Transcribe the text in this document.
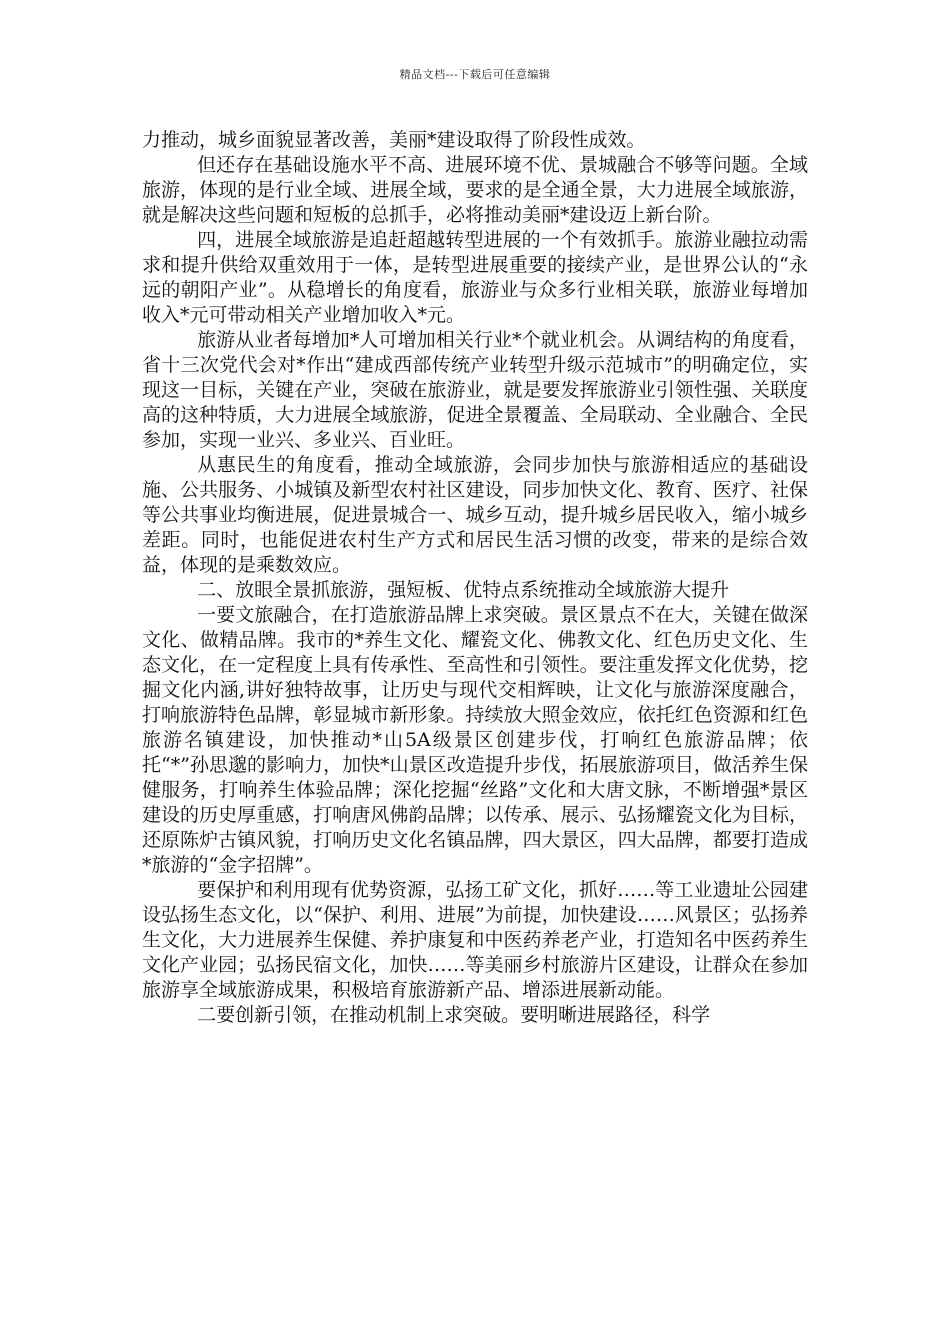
精品文档---下载后可任意编辑

力推动，城乡面貌显著改善，美丽*建设取得了阶段性成效。

但还存在基础设施水平不高、进展环境不优、景城融合不够等问题。全域旅游，体现的是行业全域、进展全域，要求的是全通全景，大力进展全域旅游，就是解决这些问题和短板的总抓手，必将推动美丽*建设迈上新台阶。

四，进展全域旅游是追赶超越转型进展的一个有效抓手。旅游业融拉动需求和提升供给双重效用于一体，是转型进展重要的接续产业，是世界公认的“永远的朝阳产业”。从稳增长的角度看，旅游业与众多行业相关联，旅游业每增加收入*元可带动相关产业增加收入*元。

旅游从业者每增加*人可增加相关行业*个就业机会。从调结构的角度看，省十三次党代会对*作出“建成西部传统产业转型升级示范城市”的明确定位，实现这一目标，关键在产业，突破在旅游业，就是要发挥旅游业引领性强、关联度高的这种特质，大力进展全域旅游，促进全景覆盖、全局联动、全业融合、全民参加，实现一业兴、多业兴、百业旺。

从惠民生的角度看，推动全域旅游，会同步加快与旅游相适应的基础设施、公共服务、小城镇及新型农村社区建设，同步加快文化、教育、医疗、社保等公共事业均衡进展，促进景城合一、城乡互动，提升城乡居民收入，缩小城乡差距。同时，也能促进农村生产方式和居民生活习惯的改变，带来的是综合效益，体现的是乘数效应。

二、放眼全景抓旅游，强短板、优特点系统推动全域旅游大提升

一要文旅融合，在打造旅游品牌上求突破。景区景点不在大，关键在做深文化、做精品牌。我市的*养生文化、耀瓷文化、佛教文化、红色历史文化、生态文化，在一定程度上具有传承性、至高性和引领性。要注重发挥文化优势，挖掘文化内涵,讲好独特故事，让历史与现代交相辉映，让文化与旅游深度融合，打响旅游特色品牌，彰显城市新形象。持续放大照金效应，依托红色资源和红色旅游名镇建设，加快推动*山5A级景区创建步伐，打响红色旅游品牌；依托“*”孙思邈的影响力，加快*山景区改造提升步伐，拓展旅游项目，做活养生保健服务，打响养生体验品牌；深化挖掘“丝路”文化和大唐文脉，不断增强*景区建设的历史厚重感，打响唐风佛韵品牌；以传承、展示、弘扬耀瓷文化为目标，还原陈炉古镇风貌，打响历史文化名镇品牌，四大景区，四大品牌，都要打造成*旅游的“金字招牌”。

要保护和利用现有优势资源，弘扬工矿文化，抓好……等工业遗址公园建设弘扬生态文化，以“保护、利用、进展”为前提，加快建设……风景区；弘扬养生文化，大力进展养生保健、养护康复和中医药养老产业，打造知名中医药养生文化产业园；弘扬民宿文化，加快……等美丽乡村旅游片区建设，让群众在参加旅游享全域旅游成果，积极培育旅游新产品、增添进展新动能。

二要创新引领，在推动机制上求突破。要明晰进展路径，科学
